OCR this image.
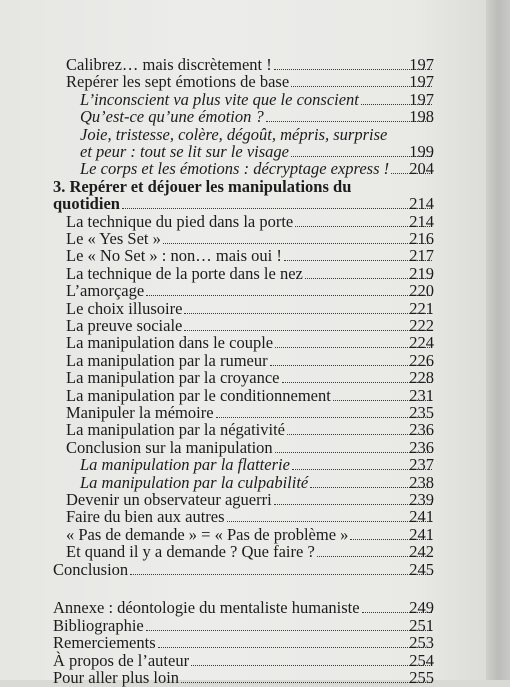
Calibrez… mais discrètement !	197
Repérer les sept émotions de base	197
L’inconscient va plus vite que le conscient	197
Qu’est-ce qu’une émotion ?	198
Joie, tristesse, colère, dégoût, mépris, surprise
et peur : tout se lit sur le visage	199
Le corps et les émotions : décryptage express ! 204
3. Repérer et déjouer les manipulations du
quotidien	214
La technique du pied dans la porte	214
Le « Yes Set »	216
Le « No Set » : non… mais oui !	217
La technique de la porte dans le nez	219
L’amorçage	220
Le choix illusoire	221
La preuve sociale	222
La manipulation dans le couple	224
La manipulation par la rumeur	226
La manipulation par la croyance	228
La manipulation par le conditionnement	231
Manipuler la mémoire	235
La manipulation par la négativité	236
Conclusion sur la manipulation	236
La manipulation par la flatterie	237
La manipulation par la culpabilité	238
Devenir un observateur aguerri	239
Faire du bien aux autres	241
« Pas de demande » = « Pas de problème »	241
Et quand il y a demande ? Que faire ?	242
Conclusion	245
Annexe : déontologie du mentaliste humaniste	249
Bibliographie	251
Remerciements	253
À propos de l’auteur	254
Pour aller plus loin	255
